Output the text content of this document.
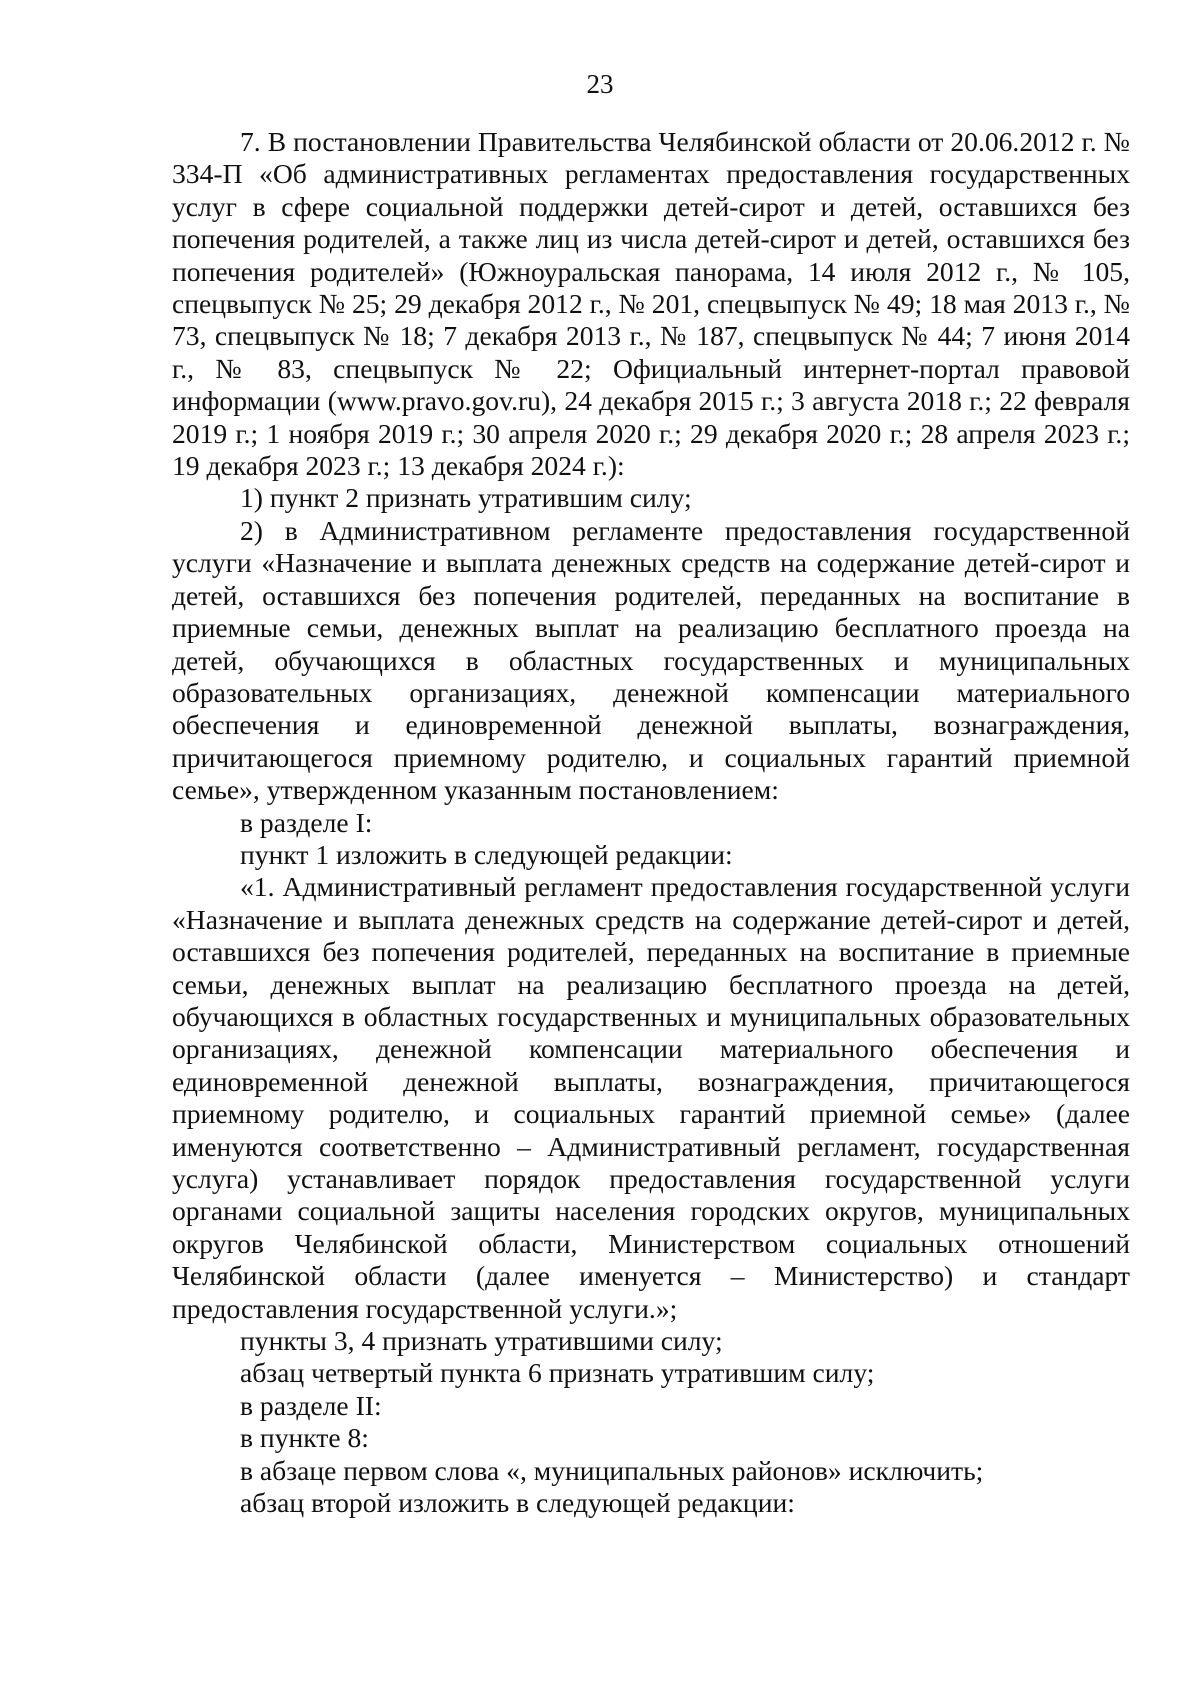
23

7. В постановлении Правительства Челябинской области от 20.06.2012 г. № 334-П «Об административных регламентах предоставления государственных услуг в сфере социальной поддержки детей-сирот и детей, оставшихся без попечения родителей, а также лиц из числа детей-сирот и детей, оставшихся без попечения родителей» (Южноуральская панорама, 14 июля 2012 г., № 105, спецвыпуск № 25; 29 декабря 2012 г., № 201, спецвыпуск № 49; 18 мая 2013 г., № 73, спецвыпуск № 18; 7 декабря 2013 г., № 187, спецвыпуск № 44; 7 июня 2014 г., № 83, спецвыпуск № 22; Официальный интернет-портал правовой информации (www.pravo.gov.ru), 24 декабря 2015 г.; 3 августа 2018 г.; 22 февраля 2019 г.; 1 ноября 2019 г.; 30 апреля 2020 г.; 29 декабря 2020 г.; 28 апреля 2023 г.; 19 декабря 2023 г.; 13 декабря 2024 г.):

1) пункт 2 признать утратившим силу;

2) в Административном регламенте предоставления государственной услуги «Назначение и выплата денежных средств на содержание детей-сирот и детей, оставшихся без попечения родителей, переданных на воспитание в приемные семьи, денежных выплат на реализацию бесплатного проезда на детей, обучающихся в областных государственных и муниципальных образовательных организациях, денежной компенсации материального обеспечения и единовременной денежной выплаты, вознаграждения, причитающегося приемному родителю, и социальных гарантий приемной семье», утвержденном указанным постановлением:

в разделе I:

пункт 1 изложить в следующей редакции:

«1. Административный регламент предоставления государственной услуги «Назначение и выплата денежных средств на содержание детей-сирот и детей, оставшихся без попечения родителей, переданных на воспитание в приемные семьи, денежных выплат на реализацию бесплатного проезда на детей, обучающихся в областных государственных и муниципальных образовательных организациях, денежной компенсации материального обеспечения и единовременной денежной выплаты, вознаграждения, причитающегося приемному родителю, и социальных гарантий приемной семье» (далее именуются соответственно – Административный регламент, государственная услуга) устанавливает порядок предоставления государственной услуги органами социальной защиты населения городских округов, муниципальных округов Челябинской области, Министерством социальных отношений Челябинской области (далее именуется – Министерство) и стандарт предоставления государственной услуги.»;

пункты 3, 4 признать утратившими силу;

абзац четвертый пункта 6 признать утратившим силу;

в разделе II:

в пункте 8:

в абзаце первом слова «, муниципальных районов» исключить;

абзац второй изложить в следующей редакции:
